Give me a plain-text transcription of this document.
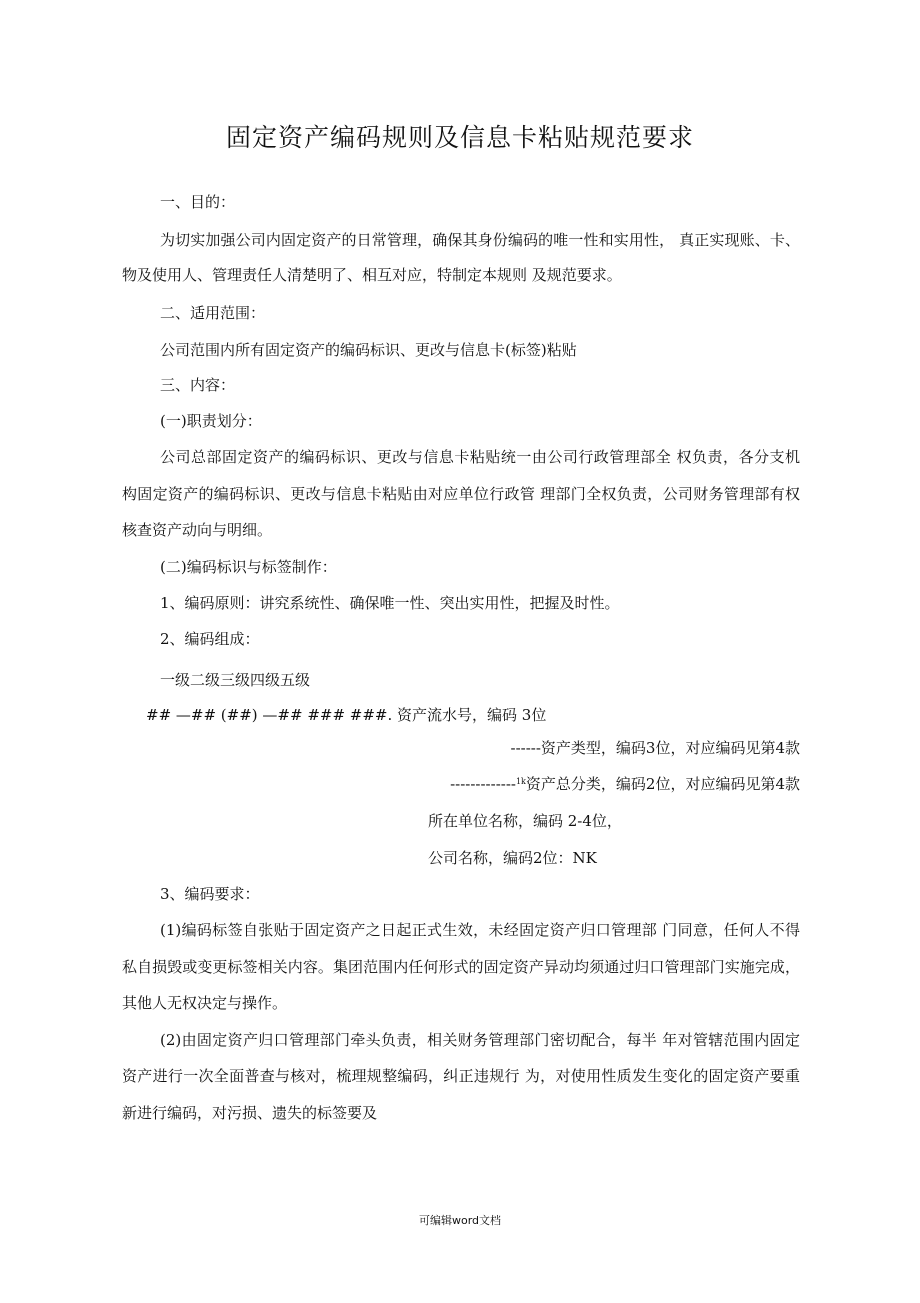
固定资产编码规则及信息卡粘贴规范要求
一、目的：
为切实加强公司内固定资产的日常管理，确保其身份编码的唯一性和实用性， 真正实现账、卡、
物及使用人、管理责任人清楚明了、相互对应，特制定本规则 及规范要求。
二、适用范围：
公司范围内所有固定资产的编码标识、更改与信息卡(标签)粘贴
三、内容：
(一)职责划分：
公司总部固定资产的编码标识、更改与信息卡粘贴统一由公司行政管理部全 权负责，各分支机
构固定资产的编码标识、更改与信息卡粘贴由对应单位行政管 理部门全权负责，公司财务管理部有权
核查资产动向与明细。
(二)编码标识与标签制作：
1、编码原则：讲究系统性、确保唯一性、突出实用性，把握及时性。
2、编码组成：
一级二级三级四级五级
## —## (##) —## ### ###. 资产流水号，编码 3位
------资产类型，编码3位，对应编码见第4款
-------------$^{1k}$资产总分类，编码2位，对应编码见第4款
所在单位名称，编码 2-4位，
公司名称，编码2位：NK
3、编码要求：
(1)编码标签自张贴于固定资产之日起正式生效，未经固定资产归口管理部 门同意，任何人不得
私自损毁或变更标签相关内容。集团范围内任何形式的固定资产异动均须通过归口管理部门实施完成，
其他人无权决定与操作。
(2)由固定资产归口管理部门牵头负责，相关财务管理部门密切配合，每半 年对管辖范围内固定
资产进行一次全面普查与核对，梳理规整编码，纠正违规行 为，对使用性质发生变化的固定资产要重
新进行编码，对污损、遗失的标签要及
可编辑word文档
